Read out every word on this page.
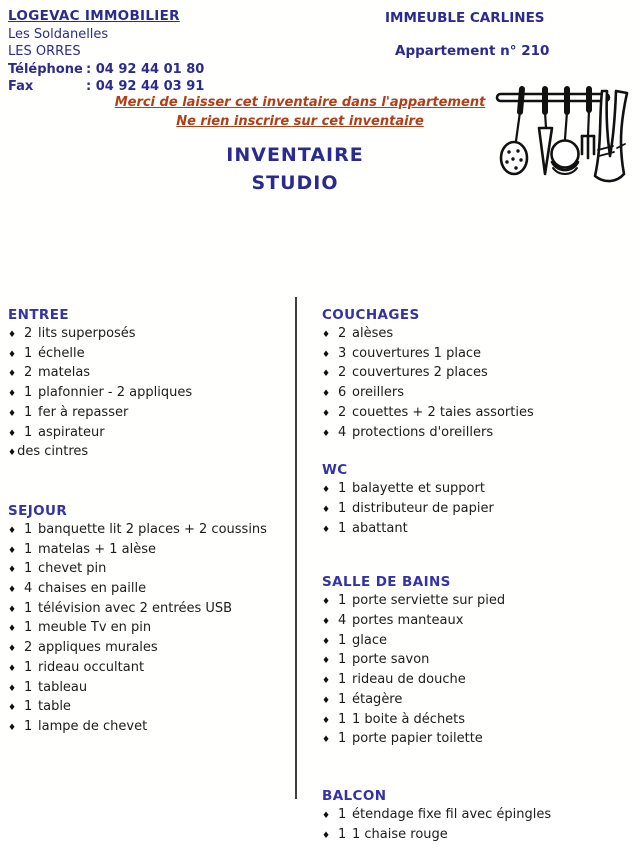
LOGEVAC IMMOBILIER
Les Soldanelles
LES ORRES
Téléphone : 04 92 44 01 80
Fax	: 04 92 44 03 91
IMMEUBLE CARLINES
Appartement n° 210
Merci de laisser cet inventaire dans l'appartement
Ne rien inscrire sur cet inventaire
INVENTAIRE
STUDIO
ENTREE
♦ 2 lits superposés
♦ 1 échelle
♦ 2 matelas
♦ 1 plafonnier - 2 appliques
♦ 1 fer à repasser
♦ 1 aspirateur
♦ des cintres
SEJOUR
♦ 1 banquette lit 2 places + 2 coussins
♦ 1 matelas + 1 alèse
♦ 1 chevet pin
♦ 4 chaises en paille
♦ 1 télévision avec 2 entrées USB
♦ 1 meuble Tv en pin
♦ 2 appliques murales
♦ 1 rideau occultant
♦ 1 tableau
♦ 1 table
♦ 1 lampe de chevet
COUCHAGES
♦ 2 alèses
♦ 3 couvertures 1 place
♦ 2 couvertures 2 places
♦ 6 oreillers
♦ 2 couettes + 2 taies assorties
♦ 4 protections d'oreillers
WC
♦ 1 balayette et support
♦ 1 distributeur de papier
♦ 1 abattant
SALLE DE BAINS
♦ 1 porte serviette sur pied
♦ 4 portes manteaux
♦ 1 glace
♦ 1 porte savon
♦ 1 rideau de douche
♦ 1 étagère
♦ 1 1 boite à déchets
♦ 1 porte papier toilette
BALCON
♦ 1 étendage fixe fil avec épingles
♦ 1 1 chaise rouge
